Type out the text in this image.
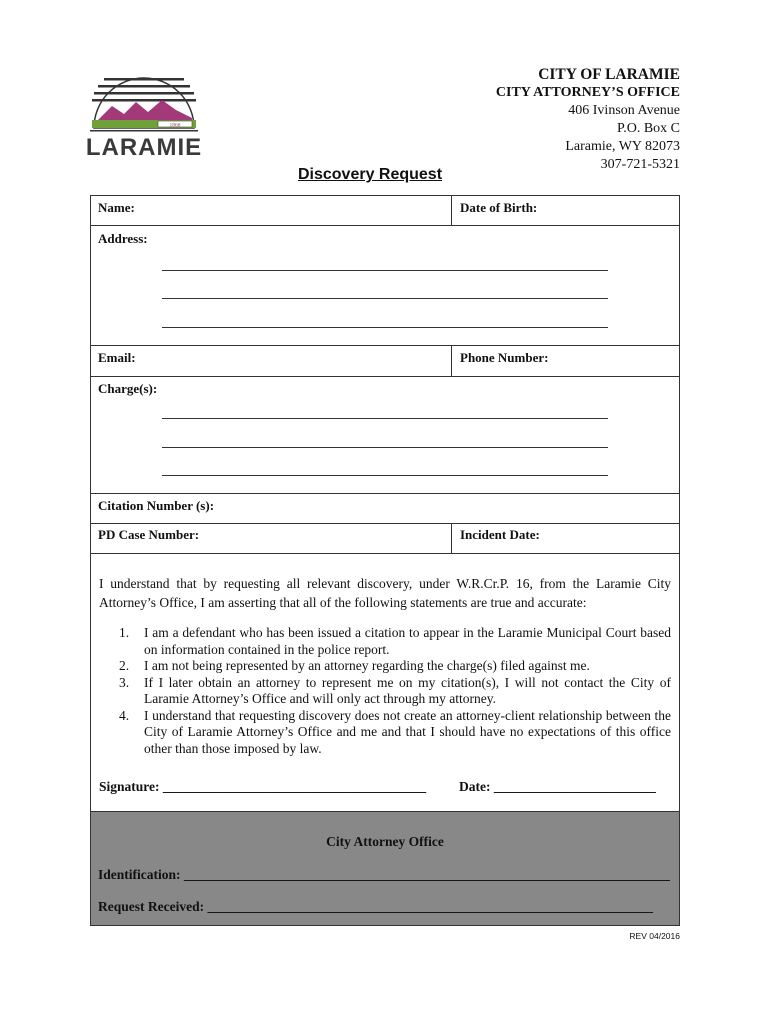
1868
LARAMIE
CITY OF LARAMIE
CITY ATTORNEY’S OFFICE
406 Ivinson Avenue
P.O. Box C
Laramie, WY 82073
307-721-5321
Discovery Request
Name:	Date of Birth:
Address:
Email:	Phone Number:
Charge(s):
Citation Number (s):
PD Case Number:	Incident Date:
I understand that by requesting all relevant discovery, under W.R.Cr.P. 16, from the Laramie City Attorney’s Office, I am asserting that all of the following statements are true and accurate:
1. I am a defendant who has been issued a citation to appear in the Laramie Municipal Court based on information contained in the police report.
2. I am not being represented by an attorney regarding the charge(s) filed against me.
3. If I later obtain an attorney to represent me on my citation(s), I will not contact the City of Laramie Attorney’s Office and will only act through my attorney.
4. I understand that requesting discovery does not create an attorney-client relationship between the City of Laramie Attorney’s Office and me and that I should have no expectations of this office other than those imposed by law.
Signature: _______________________________________ Date: ________________________
City Attorney Office
Identification: ________________________________________________________________________
Request Received: __________________________________________________________________
REV 04/2016
